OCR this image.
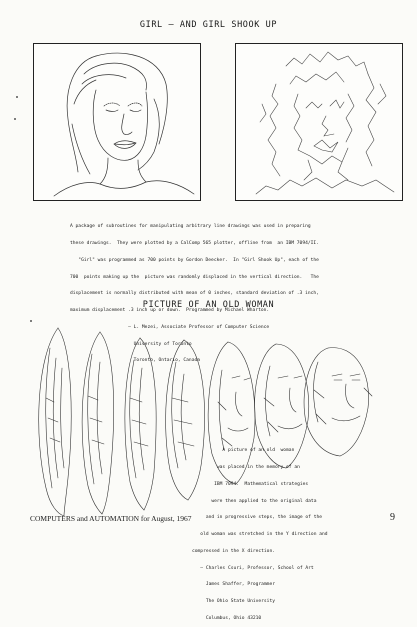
GIRL — AND GIRL SHOOK UP

A package of subroutines for manipulating arbitrary line drawings was used in preparing

these drawings.  They were plotted by a CalComp 565 plotter, offline from  an IBM 7094/II.

"Girl" was programmed as 700 points by Gordon Deecker.  In "Girl Shook Up", each of the

700  points making up the  picture was randomly displaced in the vertical direction.   The

displacement is normally distributed with mean of 0 inches, standard deviation of .3 inch,

maximum displacement .3 inch up or down.  Programmed by Michael Wharton.

– L. Mezei, Associate Professor of Computer Science

University of Toronto

Toronto, Ontario, Canada

PICTURE OF AN OLD WOMAN

A picture of an old  woman

was placed in the memory of an

IBM 7094.  Mathematical strategies

were then applied to the original data

and in progressive steps, the image of the

old woman was stretched in the Y direction and

compressed in the X direction.

– Charles Csuri, Professor, School of Art

James Shaffer, Programmer

The Ohio State University

Columbus, Ohio 43210

COMPUTERS and AUTOMATION for August, 1967	9
